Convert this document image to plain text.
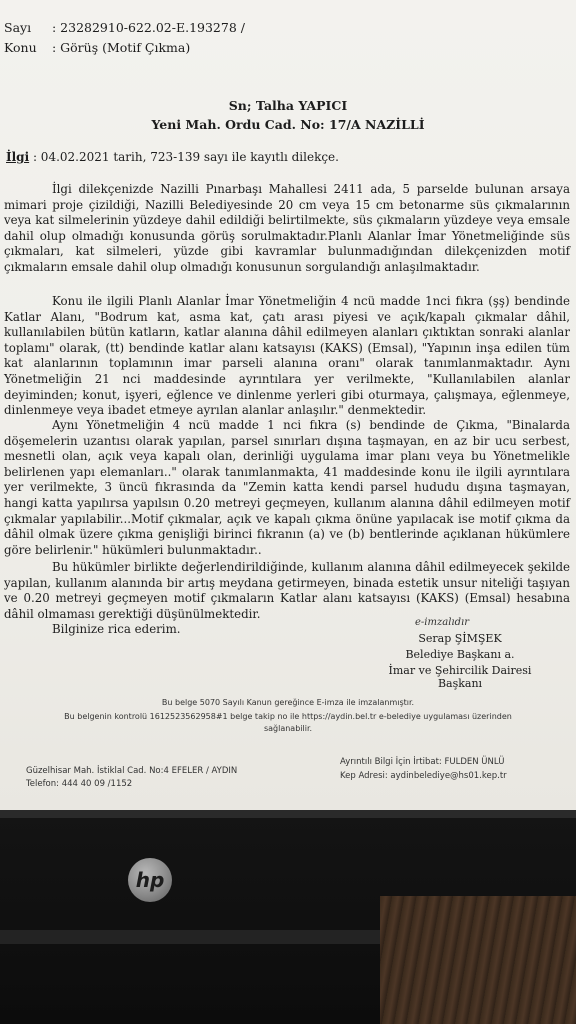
Sayı : 23282910-622.02-E.193278 /
Konu : Görüş (Motif Çıkma)
Sn; Talha YAPICI
Yeni Mah. Ordu Cad. No: 17/A NAZİLLİ
İlgi : 04.02.2021 tarih, 723-139 sayı ile kayıtlı dilekçe.

İlgi dilekçenizde Nazilli Pınarbaşı Mahallesi 2411 ada, 5 parselde bulunan arsaya mimari proje çizildiği, Nazilli Belediyesinde 20 cm veya 15 cm betonarme süs çıkmalarının veya kat silmelerinin yüzdeye dahil edildiği belirtilmekte, süs çıkmaların yüzdeye veya emsale dahil olup olmadığı konusunda görüş sorulmaktadır.Planlı Alanlar İmar Yönetmeliğinde süs çıkmaları, kat silmeleri, yüzde gibi kavramlar bulunmadığından dilekçenizden motif çıkmaların emsale dahil olup olmadığı konusunun sorgulandığı anlaşılmaktadır.

Konu ile ilgili Planlı Alanlar İmar Yönetmeliğin 4 ncü madde 1nci fıkra (şş) bendinde Katlar Alanı, "Bodrum kat, asma kat, çatı arası piyesi ve açık/kapalı çıkmalar dâhil, kullanılabilen bütün katların, katlar alanına dâhil edilmeyen alanları çıktıktan sonraki alanlar toplamı" olarak, (tt) bendinde katlar alanı katsayısı (KAKS) (Emsal), "Yapının inşa edilen tüm kat alanlarının toplamının imar parseli alanına oranı" olarak tanımlanmaktadır. Aynı Yönetmeliğin 21 nci maddesinde ayrıntılara yer verilmekte, "Kullanılabilen alanlar deyiminden; konut, işyeri, eğlence ve dinlenme yerleri gibi oturmaya, çalışmaya, eğlenmeye, dinlenmeye veya ibadet etmeye ayrılan alanlar anlaşılır." denmektedir.

Aynı Yönetmeliğin 4 ncü madde 1 nci fıkra (s) bendinde de Çıkma, "Binalarda döşemelerin uzantısı olarak yapılan, parsel sınırları dışına taşmayan, en az bir ucu serbest, mesnetli olan, açık veya kapalı olan, derinliği uygulama imar planı veya bu Yönetmelikle belirlenen yapı elemanları.." olarak tanımlanmakta, 41 maddesinde konu ile ilgili ayrıntılara yer verilmekte, 3 üncü fıkrasında da "Zemin katta kendi parsel hududu dışına taşmayan, hangi katta yapılırsa yapılsın 0.20 metreyi geçmeyen, kullanım alanına dâhil edilmeyen motif çıkmalar yapılabilir...Motif çıkmalar, açık ve kapalı çıkma önüne yapılacak ise motif çıkma da dâhil olmak üzere çıkma genişliği birinci fıkranın (a) ve (b) bentlerinde açıklanan hükümlere göre belirlenir." hükümleri bulunmaktadır..

Bu hükümler birlikte değerlendirildiğinde, kullanım alanına dâhil edilmeyecek şekilde yapılan, kullanım alanında bir artış meydana getirmeyen, binada estetik unsur niteliği taşıyan ve 0.20 metreyi geçmeyen motif çıkmaların Katlar alanı katsayısı (KAKS) (Emsal) hesabına dâhil olmaması gerektiği düşünülmektedir.

Bilginize rica ederim.	e-imzalıdır
Serap ŞİMŞEK
Belediye Başkanı a.
İmar ve Şehircilik Dairesi Başkanı
Bu belge 5070 Sayılı Kanun gereğince E-imza ile imzalanmıştır.
Bu belgenin kontrolü 1612523562958#1 belge takip no ile https://aydin.bel.tr e-belediye uygulaması üzerinden
sağlanabilir.
Güzelhisar Mah. İstiklal Cad. No:4 EFELER / AYDIN
Telefon: 444 40 09 /1152
Ayrıntılı Bilgi İçin İrtibat: FULDEN ÜNLÜ
Kep Adresi: aydinbelediye@hs01.kep.tr
hp
